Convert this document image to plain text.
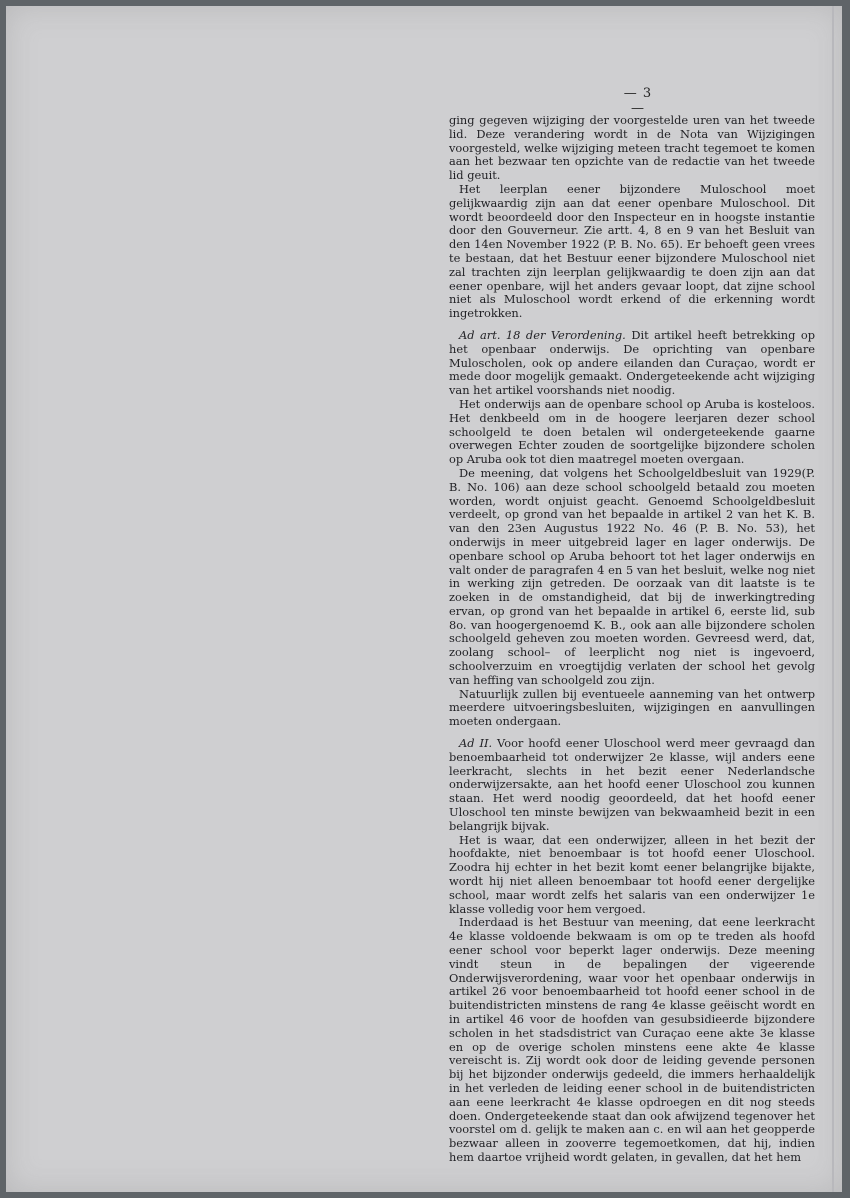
— 3 —

ging gegeven wijziging der voorgestelde uren van het tweede lid. Deze verandering wordt in de Nota van Wijzigingen voorgesteld, welke wijziging meteen tracht tegemoet te komen aan het bezwaar ten opzichte van de redactie van het tweede lid geuit.

Het leerplan eener bijzondere Muloschool moet gelijkwaardig zijn aan dat eener openbare Muloschool. Dit wordt beoordeeld door den Inspecteur en in hoogste instantie door den Gouverneur. Zie artt. 4, 8 en 9 van het Besluit van den 14en November 1922 (P. B. No. 65). Er behoeft geen vrees te bestaan, dat het Bestuur eener bijzondere Muloschool niet zal trachten zijn leerplan gelijkwaardig te doen zijn aan dat eener openbare, wijl het anders gevaar loopt, dat zijne school niet als Muloschool wordt erkend of die erkenning wordt ingetrokken.

Ad art. 18 der Verordening. Dit artikel heeft betrekking op het openbaar onderwijs. De oprichting van openbare Muloscholen, ook op andere eilanden dan Curaçao, wordt er mede door mogelijk gemaakt. Ondergeteekende acht wijziging van het artikel voorshands niet noodig.

Het onderwijs aan de openbare school op Aruba is kosteloos. Het denkbeeld om in de hoogere leerjaren dezer school schoolgeld te doen betalen wil ondergeteekende gaarne overwegen Echter zouden de soortgelijke bijzondere scholen op Aruba ook tot dien maatregel moeten overgaan.

De meening, dat volgens het Schoolgeldbesluit van 1929(P. B. No. 106) aan deze school schoolgeld betaald zou moeten worden, wordt onjuist geacht. Genoemd Schoolgeldbesluit verdeelt, op grond van het bepaalde in artikel 2 van het K. B. van den 23en Augustus 1922 No. 46 (P. B. No. 53), het onderwijs in meer uitgebreid lager en lager onderwijs. De openbare school op Aruba behoort tot het lager onderwijs en valt onder de paragrafen 4 en 5 van het besluit, welke nog niet in werking zijn getreden. De oorzaak van dit laatste is te zoeken in de omstandigheid, dat bij de inwerkingtreding ervan, op grond van het bepaalde in artikel 6, eerste lid, sub 8o. van hoogergenoemd K. B., ook aan alle bijzondere scholen schoolgeld geheven zou moeten worden. Gevreesd werd, dat, zoolang school– of leerplicht nog niet is ingevoerd, schoolverzuim en vroegtijdig verlaten der school het gevolg van heffing van schoolgeld zou zijn.

Natuurlijk zullen bij eventueele aanneming van het ontwerp meerdere uitvoeringsbesluiten, wijzigingen en aanvullingen moeten ondergaan.

Ad II. Voor hoofd eener Uloschool werd meer gevraagd dan benoembaarheid tot onderwijzer 2e klasse, wijl anders eene leerkracht, slechts in het bezit eener Nederlandsche onderwijzersakte, aan het hoofd eener Uloschool zou kunnen staan. Het werd noodig geoordeeld, dat het hoofd eener Uloschool ten minste bewijzen van bekwaamheid bezit in een belangrijk bijvak.

Het is waar, dat een onderwijzer, alleen in het bezit der hoofdakte, niet benoembaar is tot hoofd eener Uloschool. Zoodra hij echter in het bezit komt eener belangrijke bijakte, wordt hij niet alleen benoembaar tot hoofd eener dergelijke school, maar wordt zelfs het salaris van een onderwijzer 1e klasse volledig voor hem vergoed.

Inderdaad is het Bestuur van meening, dat eene leerkracht 4e klasse voldoende bekwaam is om op te treden als hoofd eener school voor beperkt lager onderwijs. Deze meening vindt steun in de bepalingen der vigeerende Onderwijsverordening, waar voor het openbaar onderwijs in artikel 26 voor benoembaarheid tot hoofd eener school in de buitendistricten minstens de rang 4e klasse geëischt wordt en in artikel 46 voor de hoofden van gesubsidieerde bijzondere scholen in het stadsdistrict van Curaçao eene akte 3e klasse en op de overige scholen minstens eene akte 4e klasse vereischt is. Zij wordt ook door de leiding gevende personen bij het bijzonder onderwijs gedeeld, die immers herhaaldelijk in het verleden de leiding eener school in de buitendistricten aan eene leerkracht 4e klasse opdroegen en dit nog steeds doen. Ondergeteekende staat dan ook afwijzend tegenover het voorstel om d. gelijk te maken aan c. en wil aan het geopperde bezwaar alleen in zooverre tegemoetkomen, dat hij, indien hem daartoe vrijheid wordt gelaten, in gevallen, dat het hem
